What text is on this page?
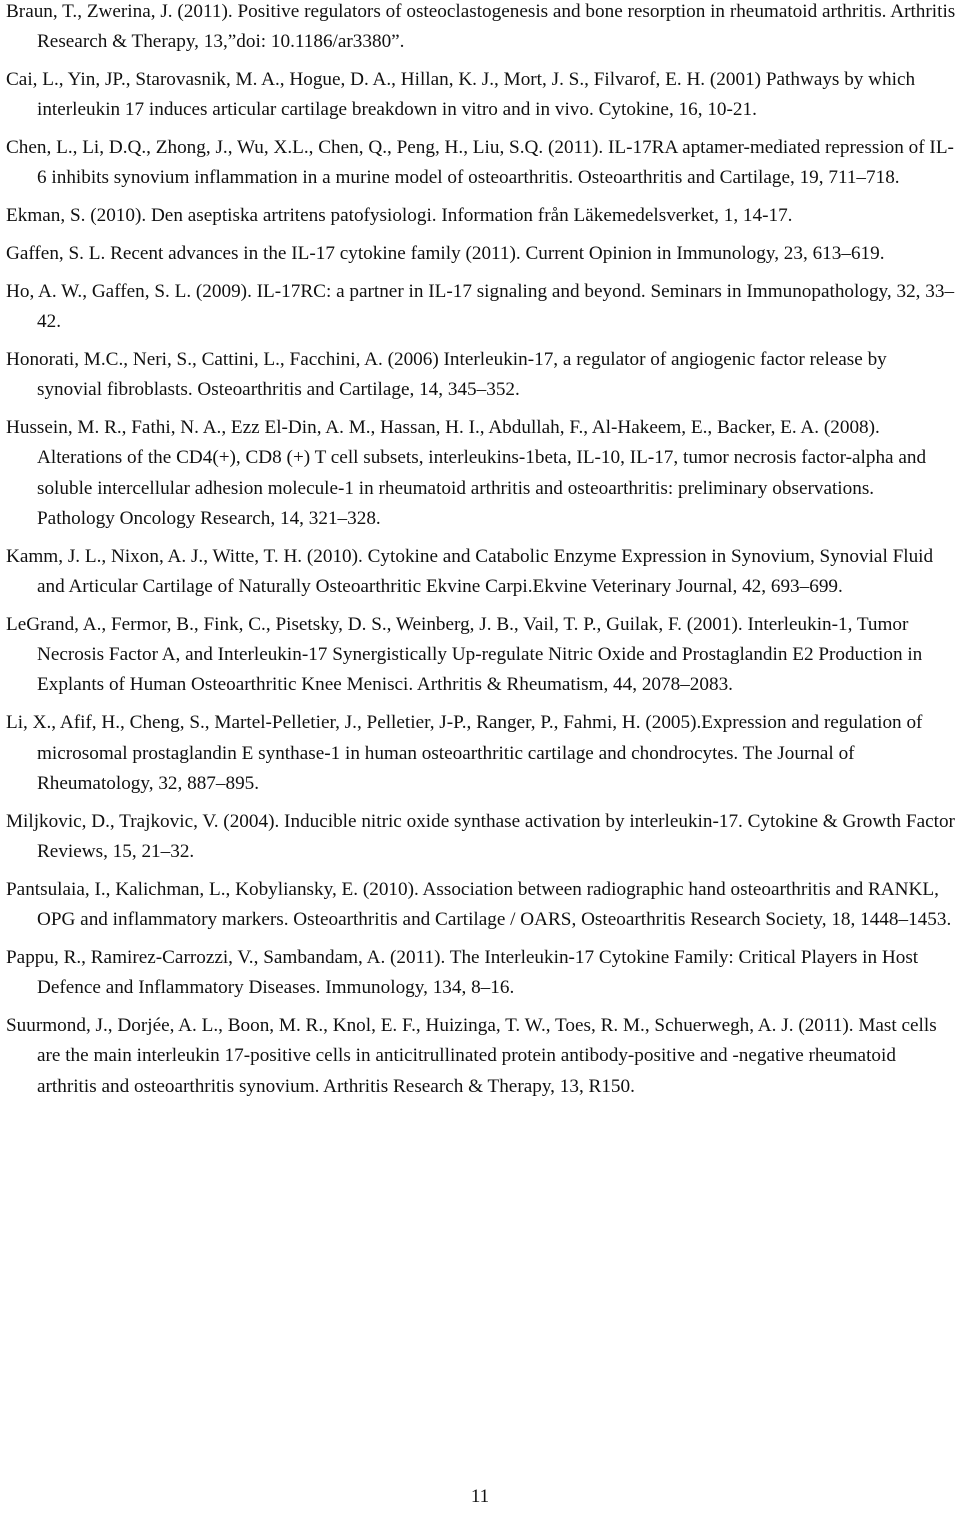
Braun, T., Zwerina, J. (2011). Positive regulators of osteoclastogenesis and bone resorption in rheumatoid arthritis. Arthritis Research & Therapy, 13,”doi: 10.1186/ar3380”.

Cai, L., Yin, JP., Starovasnik, M. A., Hogue, D. A., Hillan, K. J., Mort, J. S., Filvarof, E. H. (2001) Pathways by which interleukin 17 induces articular cartilage breakdown in vitro and in vivo. Cytokine, 16, 10‐21.

Chen, L., Li, D.Q., Zhong, J., Wu, X.L., Chen, Q., Peng, H., Liu, S.Q. (2011). IL-17RA aptamer-mediated repression of IL-6 inhibits synovium inflammation in a murine model of osteoarthritis. Osteoarthritis and Cartilage, 19, 711–718.

Ekman, S. (2010). Den aseptiska artritens patofysiologi. Information från Läkemedelsverket, 1, 14-17.

Gaffen, S. L. Recent advances in the IL-17 cytokine family (2011). Current Opinion in Immunology, 23, 613–619.

Ho, A. W., Gaffen, S. L. (2009). IL-17RC: a partner in IL-17 signaling and beyond. Seminars in Immunopathology, 32, 33–42.

Honorati, M.C., Neri, S., Cattini, L., Facchini, A. (2006) Interleukin-17, a regulator of angiogenic factor release by synovial fibroblasts. Osteoarthritis and Cartilage, 14, 345–352.

Hussein, M. R., Fathi, N. A., Ezz El-Din, A. M., Hassan, H. I., Abdullah, F., Al-Hakeem, E., Backer, E. A. (2008). Alterations of the CD4(+), CD8 (+) T cell subsets, interleukins-1beta, IL-10, IL-17, tumor necrosis factor-alpha and soluble intercellular adhesion molecule-1 in rheumatoid arthritis and osteoarthritis: preliminary observations. Pathology Oncology Research, 14, 321–328.

Kamm, J. L., Nixon, A. J., Witte, T. H. (2010). Cytokine and Catabolic Enzyme Expression in Synovium, Synovial Fluid and Articular Cartilage of Naturally Osteoarthritic Ekvine Carpi.Ekvine Veterinary Journal, 42, 693–699.

LeGrand, A., Fermor, B., Fink, C., Pisetsky, D. S., Weinberg, J. B., Vail, T. P., Guilak, F. (2001). Interleukin-1, Tumor Necrosis Factor A, and Interleukin-17 Synergistically Up-regulate Nitric Oxide and Prostaglandin E2 Production in Explants of Human Osteoarthritic Knee Menisci. Arthritis & Rheumatism, 44, 2078–2083.

Li, X., Afif, H., Cheng, S., Martel-Pelletier, J., Pelletier, J-P., Ranger, P., Fahmi, H. (2005).Expression and regulation of microsomal prostaglandin E synthase-1 in human osteoarthritic cartilage and chondrocytes. The Journal of Rheumatology, 32, 887–895.

Miljkovic, D., Trajkovic, V. (2004). Inducible nitric oxide synthase activation by interleukin-17. Cytokine & Growth Factor Reviews, 15, 21–32.

Pantsulaia, I., Kalichman, L., Kobyliansky, E. (2010). Association between radiographic hand osteoarthritis and RANKL, OPG and inflammatory markers. Osteoarthritis and Cartilage / OARS, Osteoarthritis Research Society, 18, 1448–1453.

Pappu, R., Ramirez-Carrozzi, V., Sambandam, A. (2011). The Interleukin-17 Cytokine Family: Critical Players in Host Defence and Inflammatory Diseases. Immunology, 134, 8–16.

Suurmond, J., Dorjée, A. L., Boon, M. R., Knol, E. F., Huizinga, T. W., Toes, R. M., Schuerwegh, A. J. (2011). Mast cells are the main interleukin 17-positive cells in anticitrullinated protein antibody-positive and -negative rheumatoid arthritis and osteoarthritis synovium. Arthritis Research & Therapy, 13, R150.

11
